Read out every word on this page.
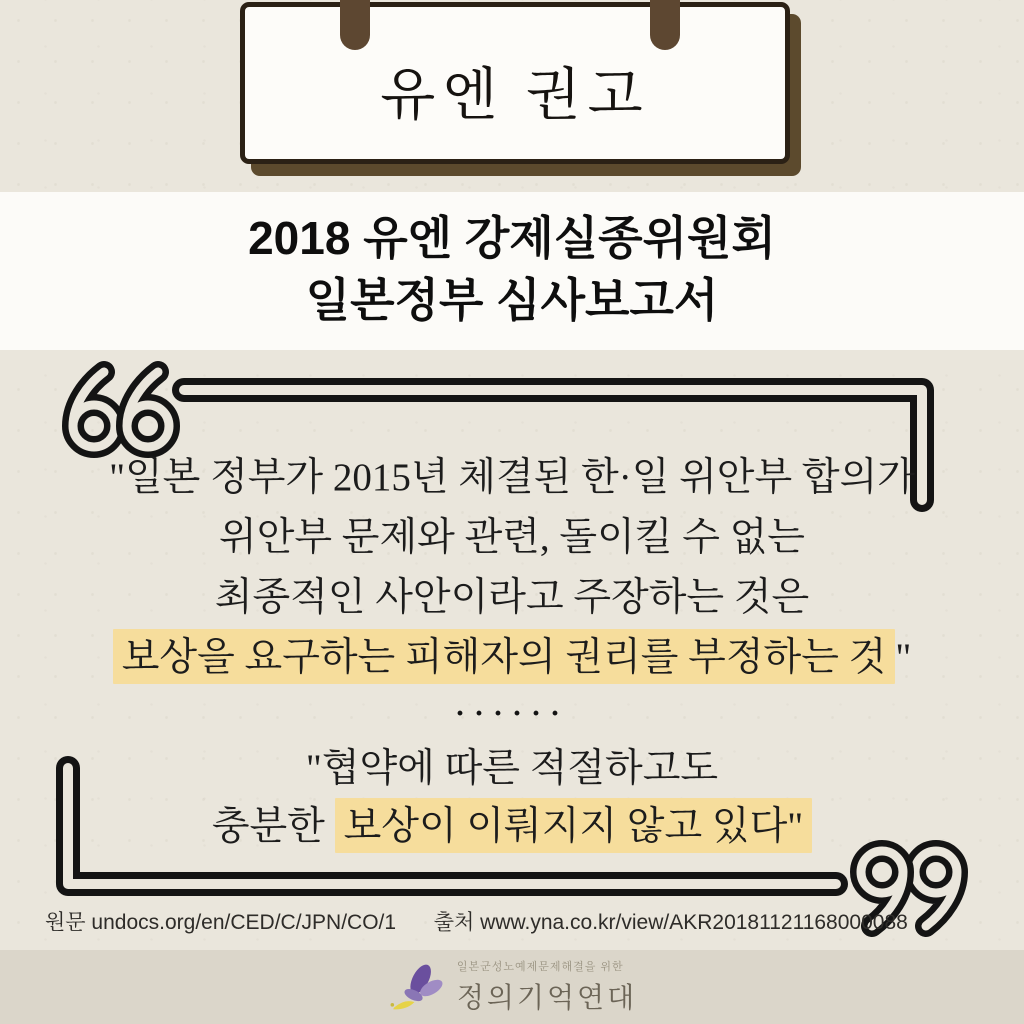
유엔 권고
2018 유엔 강제실종위원회
일본정부 심사보고서
"일본 정부가 2015년 체결된 한·일 위안부 합의가
위안부 문제와 관련, 돌이킬 수 없는
최종적인 사안이라고 주장하는 것은
보상을 요구하는 피해자의 권리를 부정하는 것 "
······
"협약에 따른 적절하고도
충분한 보상이 이뤄지지 않고 있다"
원문 undocs.org/en/CED/C/JPN/CO/1 출처 www.yna.co.kr/view/AKR20181121168000088
일본군성노예제문제해결을 위한
정의기억연대
